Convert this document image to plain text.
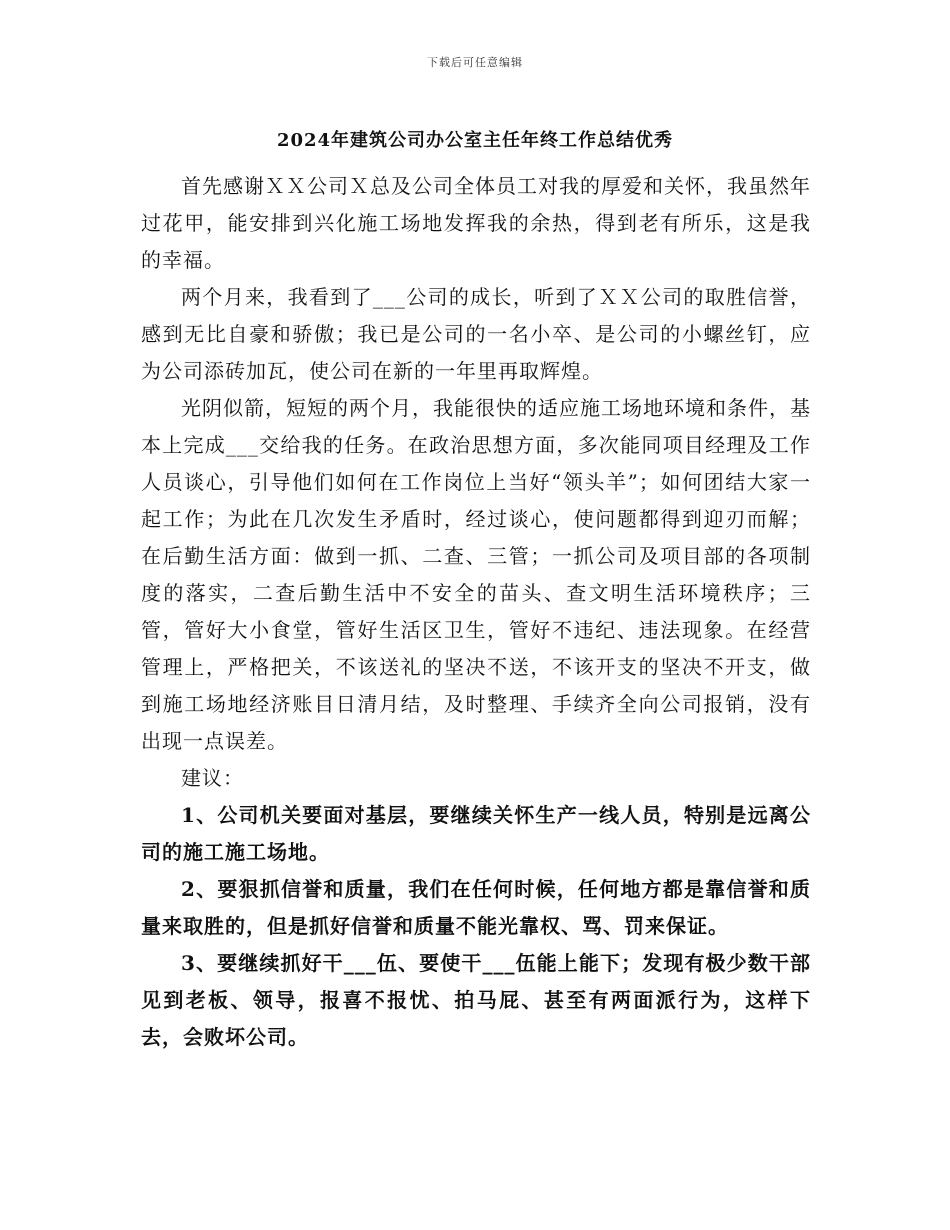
下载后可任意编辑
2024年建筑公司办公室主任年终工作总结优秀

首先感谢ＸＸ公司Ｘ总及公司全体员工对我的厚爱和关怀，我虽然年过花甲，能安排到兴化施工场地发挥我的余热，得到老有所乐，这是我的幸福。

两个月来，我看到了___公司的成长，听到了ＸＸ公司的取胜信誉，感到无比自豪和骄傲；我已是公司的一名小卒、是公司的小螺丝钉，应为公司添砖加瓦，使公司在新的一年里再取辉煌。

光阴似箭，短短的两个月，我能很快的适应施工场地环境和条件，基本上完成___交给我的任务。在政治思想方面，多次能同项目经理及工作人员谈心，引导他们如何在工作岗位上当好“领头羊”；如何团结大家一起工作；为此在几次发生矛盾时，经过谈心，使问题都得到迎刃而解；在后勤生活方面：做到一抓、二查、三管；一抓公司及项目部的各项制度的落实，二查后勤生活中不安全的苗头、查文明生活环境秩序；三管，管好大小食堂，管好生活区卫生，管好不违纪、违法现象。在经营管理上，严格把关，不该送礼的坚决不送，不该开支的坚决不开支，做到施工场地经济账目日清月结，及时整理、手续齐全向公司报销，没有出现一点误差。

建议：

1、公司机关要面对基层，要继续关怀生产一线人员，特别是远离公司的施工施工场地。

2、要狠抓信誉和质量，我们在任何时候，任何地方都是靠信誉和质量来取胜的，但是抓好信誉和质量不能光靠权、骂、罚来保证。

3、要继续抓好干___伍、要使干___伍能上能下；发现有极少数干部见到老板、领导，报喜不报忧、拍马屁、甚至有两面派行为，这样下去，会败坏公司。
